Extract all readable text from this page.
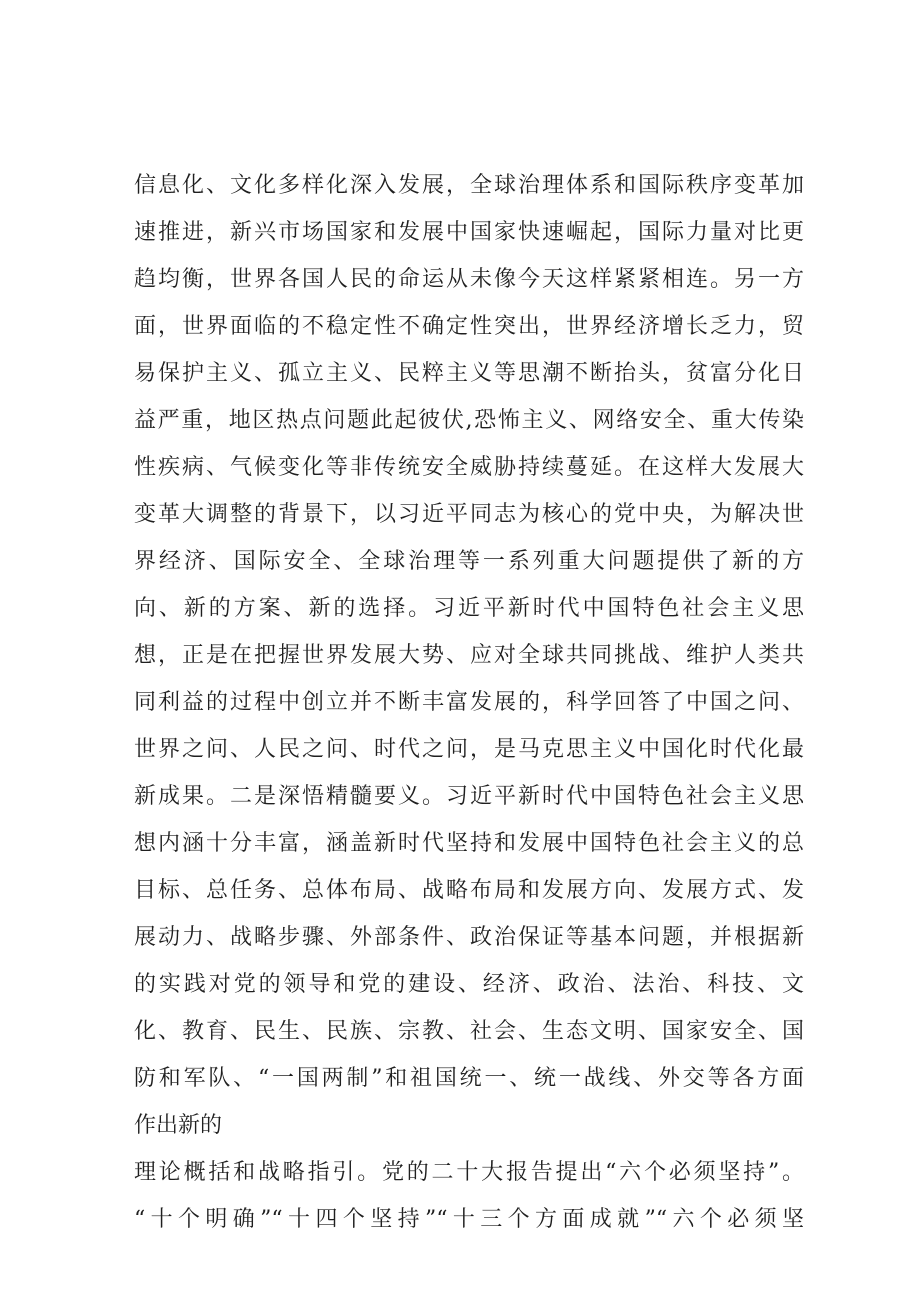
信息化、文化多样化深入发展，全球治理体系和国际秩序变革加
速推进，新兴市场国家和发展中国家快速崛起，国际力量对比更
趋均衡，世界各国人民的命运从未像今天这样紧紧相连。另一方
面，世界面临的不稳定性不确定性突出，世界经济增长乏力，贸
易保护主义、孤立主义、民粹主义等思潮不断抬头，贫富分化日
益严重，地区热点问题此起彼伏,恐怖主义、网络安全、重大传染
性疾病、气候变化等非传统安全威胁持续蔓延。在这样大发展大
变革大调整的背景下，以习近平同志为核心的党中央，为解决世
界经济、国际安全、全球治理等一系列重大问题提供了新的方
向、新的方案、新的选择。习近平新时代中国特色社会主义思
想，正是在把握世界发展大势、应对全球共同挑战、维护人类共
同利益的过程中创立并不断丰富发展的，科学回答了中国之问、
世界之问、人民之问、时代之问，是马克思主义中国化时代化最
新成果。二是深悟精髓要义。习近平新时代中国特色社会主义思
想内涵十分丰富，涵盖新时代坚持和发展中国特色社会主义的总
目标、总任务、总体布局、战略布局和发展方向、发展方式、发
展动力、战略步骤、外部条件、政治保证等基本问题，并根据新
的实践对党的领导和党的建设、经济、政治、法治、科技、文
化、教育、民生、民族、宗教、社会、生态文明、国家安全、国
防和军队、“一国两制”和祖国统一、统一战线、外交等各方面
作出新的
理论概括和战略指引。党的二十大报告提出“六个必须坚持”。
“十个明确”“十四个坚持”“十三个方面成就”“六个必须坚
